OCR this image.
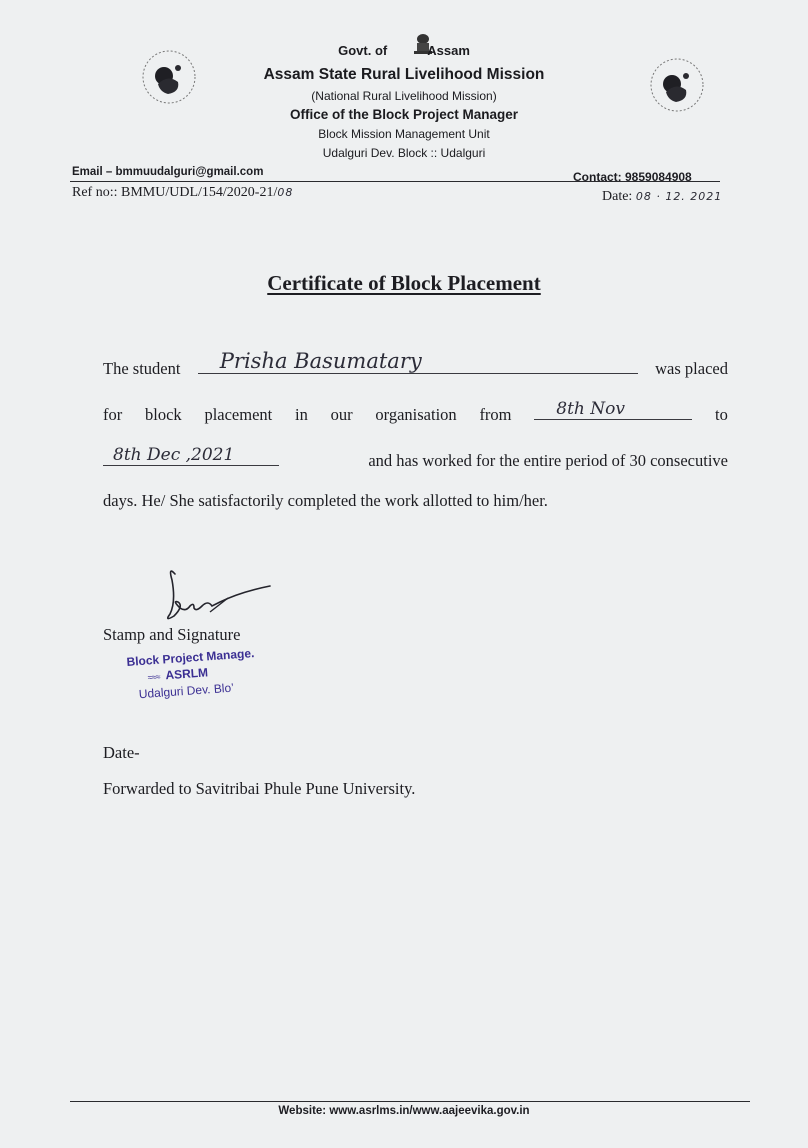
Govt. of	Assam
Assam State Rural Livelihood Mission
(National Rural Livelihood Mission)
Office of the Block Project Manager
Block Mission Management Unit
Udalguri Dev. Block :: Udalguri
Email – bmmuudalguri@gmail.com	Contact: 9859084908
Ref no:: BMMU/UDL/154/2020-21/08	Date: 08 · 12. 2021
Certificate of Block Placement
The student Prisha Basumatary	was placed
for block placement in our organisation from	8th Nov	to
8th Dec ,2021	and has worked for the entire period of 30 consecutive
days. He/ She satisfactorily completed the work allotted to him/her.
Stamp and Signature
Block Project Manage.
≈≈≈ ASRLM
Udalguri Dev. Blo’
Date-
Forwarded to Savitribai Phule Pune University.
Website: www.asrlms.in/www.aajeevika.gov.in
